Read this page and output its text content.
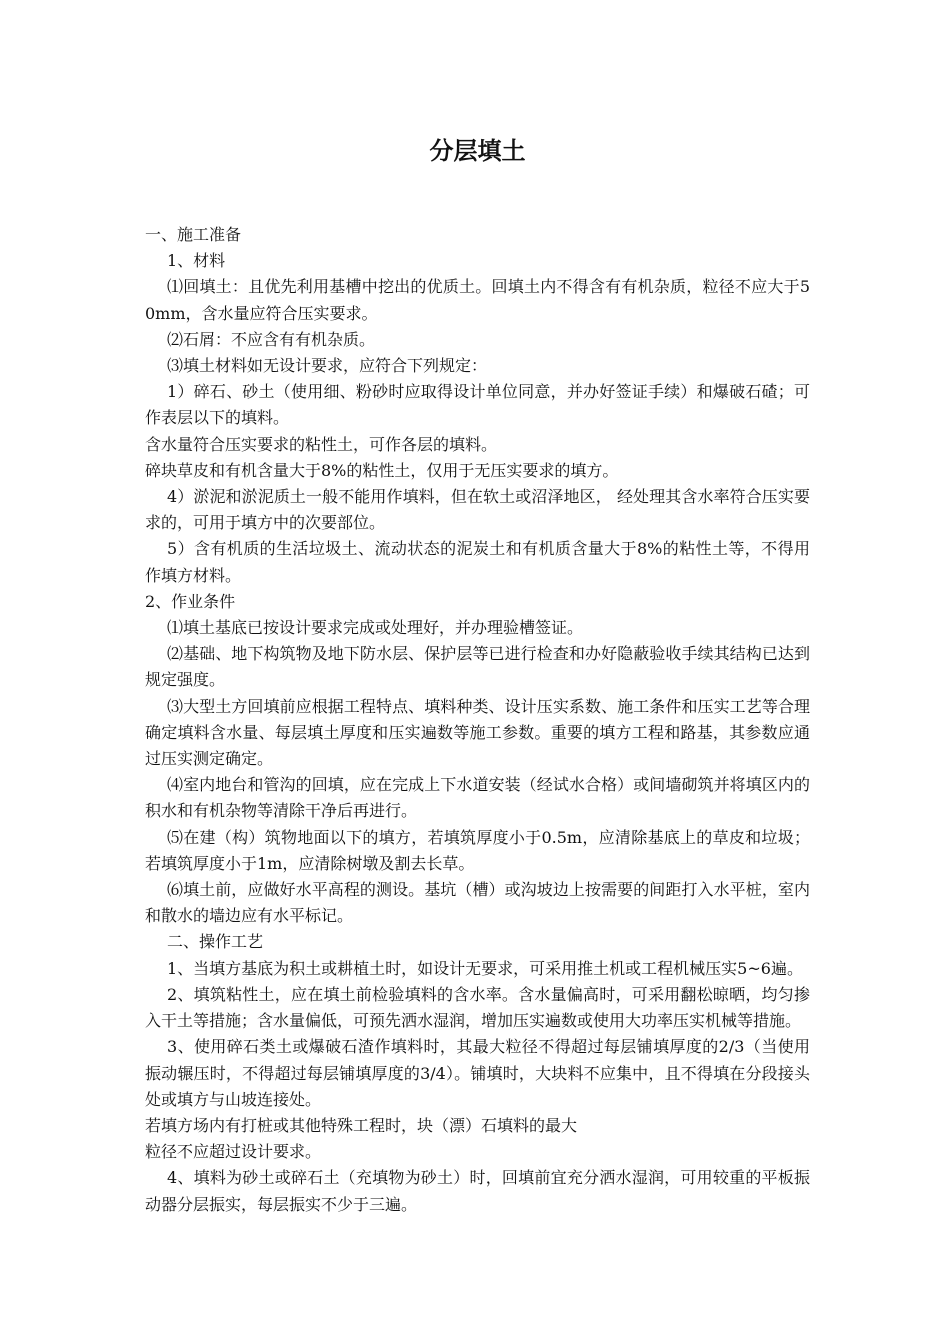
分层填土

一、施工准备

1、材料

⑴回填土：且优先利用基槽中挖出的优质土。回填土内不得含有有机杂质，粒径不应大于50mm，含水量应符合压实要求。

⑵石屑：不应含有有机杂质。

⑶填土材料如无设计要求，应符合下列规定：

1）碎石、砂土（使用细、粉砂时应取得设计单位同意，并办好签证手续）和爆破石碴；可作表层以下的填料。

含水量符合压实要求的粘性土，可作各层的填料。

碎块草皮和有机含量大于8%的粘性土，仅用于无压实要求的填方。

4）淤泥和淤泥质土一般不能用作填料，但在软土或沼泽地区， 经处理其含水率符合压实要求的，可用于填方中的次要部位。

5）含有机质的生活垃圾土、流动状态的泥炭土和有机质含量大于8%的粘性土等，不得用作填方材料。

2、作业条件

⑴填土基底已按设计要求完成或处理好，并办理验槽签证。

⑵基础、地下构筑物及地下防水层、保护层等已进行检查和办好隐蔽验收手续其结构已达到规定强度。

⑶大型土方回填前应根据工程特点、填料种类、设计压实系数、施工条件和压实工艺等合理确定填料含水量、每层填土厚度和压实遍数等施工参数。重要的填方工程和路基，其参数应通过压实测定确定。

⑷室内地台和管沟的回填，应在完成上下水道安装（经试水合格）或间墙砌筑并将填区内的积水和有机杂物等清除干净后再进行。

⑸在建（构）筑物地面以下的填方，若填筑厚度小于0.5m，应清除基底上的草皮和垃圾；若填筑厚度小于1m，应清除树墩及割去长草。

⑹填土前，应做好水平高程的测设。基坑（槽）或沟坡边上按需要的间距打入水平桩，室内和散水的墙边应有水平标记。

二、操作工艺

1、当填方基底为积土或耕植土时，如设计无要求，可采用推土机或工程机械压实5~6遍。

2、填筑粘性土，应在填土前检验填料的含水率。含水量偏高时，可采用翻松晾晒，均匀掺入干土等措施；含水量偏低，可预先洒水湿润，增加压实遍数或使用大功率压实机械等措施。

3、使用碎石类土或爆破石渣作填料时，其最大粒径不得超过每层铺填厚度的2/3（当使用振动辗压时，不得超过每层铺填厚度的3/4）。铺填时，大块料不应集中，且不得填在分段接头处或填方与山坡连接处。

若填方场内有打桩或其他特殊工程时，块（漂）石填料的最大

粒径不应超过设计要求。

4、填料为砂土或碎石土（充填物为砂土）时，回填前宜充分洒水湿润，可用较重的平板振动器分层振实，每层振实不少于三遍。
